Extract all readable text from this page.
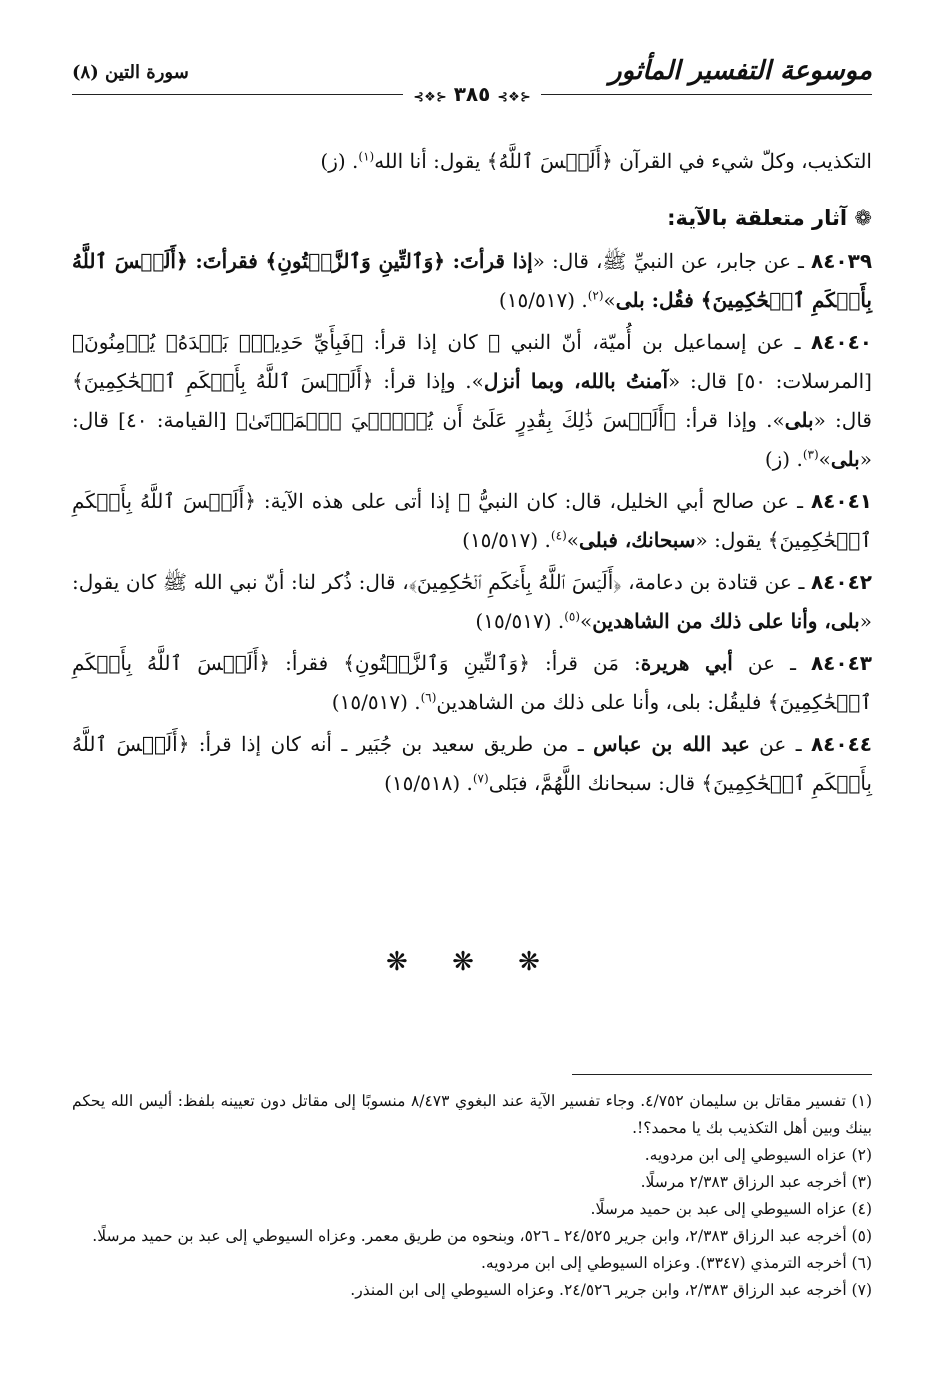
موسوعة التفسير المأثور
سورة التين (٨)
⊰❖⊱ ٣٨٥ ⊰❖⊱

التكذيب، وكلّ شيء في القرآن ﴿أَلَيۡسَ ٱللَّهُ﴾ يقول: أنا الله$^{(١)}$. (ز)

❁ آثار متعلقة بالآية:

٨٤٠٣٩ ـ عن جابر، عن النبيِّ ﷺ، قال: «إذا قرأتَ: ﴿وَٱلتِّينِ وَٱلزَّيۡتُونِ﴾ فقرأتَ: ﴿أَلَيۡسَ ٱللَّهُ بِأَحۡكَمِ ٱلۡحَٰكِمِينَ﴾ فقُل: بلى»$^{(٢)}$. (١٥/٥١٧)

٨٤٠٤٠ ـ عن إسماعيل بن أُميّة، أنّ النبي ﷺ كان إذا قرأ: ﴿فَبِأَيِّ حَدِيثِۭ بَعۡدَهُۥ يُؤۡمِنُونَ﴾ [المرسلات: ٥٠] قال: «آمنتُ بالله، وبما أنزل». وإذا قرأ: ﴿أَلَيۡسَ ٱللَّهُ بِأَحۡكَمِ ٱلۡحَٰكِمِينَ﴾ قال: «بلى». وإذا قرأ: ﴿أَلَيۡسَ ذَٰلِكَ بِقَٰدِرٍ عَلَىٰٓ أَن يُحۡـِۧيَ ٱلۡمَوۡتَىٰ﴾ [القيامة: ٤٠] قال: «بلى»$^{(٣)}$. (ز)

٨٤٠٤١ ـ عن صالح أبي الخليل، قال: كان النبيُّ ﷺ إذا أتى على هذه الآية: ﴿أَلَيۡسَ ٱللَّهُ بِأَحۡكَمِ ٱلۡحَٰكِمِينَ﴾ يقول: «سبحانك، فبلى»$^{(٤)}$. (١٥/٥١٧)

٨٤٠٤٢ ـ عن قتادة بن دعامة، ﴿أَلَيۡسَ ٱللَّهُ بِأَحۡكَمِ ٱلۡحَٰكِمِينَ﴾، قال: ذُكر لنا: أنّ نبي الله ﷺ كان يقول: «بلى، وأنا على ذلك من الشاهدين»$^{(٥)}$. (١٥/٥١٧)

٨٤٠٤٣ ـ عن أبي هريرة: مَن قرأ: ﴿وَٱلتِّينِ وَٱلزَّيۡتُونِ﴾ فقرأ: ﴿أَلَيۡسَ ٱللَّهُ بِأَحۡكَمِ ٱلۡحَٰكِمِينَ﴾ فليقُل: بلى، وأنا على ذلك من الشاهدين$^{(٦)}$. (١٥/٥١٧)

٨٤٠٤٤ ـ عن عبد الله بن عباس ـ من طريق سعيد بن جُبَير ـ أنه كان إذا قرأ: ﴿أَلَيۡسَ ٱللَّهُ بِأَحۡكَمِ ٱلۡحَٰكِمِينَ﴾ قال: سبحانك اللَّهُمَّ، فبَلى$^{(٧)}$. (١٥/٥١٨)

❋ ❋ ❋

(١) تفسير مقاتل بن سليمان ٤/٧٥٢. وجاء تفسير الآية عند البغوي ٨/٤٧٣ منسوبًا إلى مقاتل دون تعيينه بلفظ: أليس الله يحكم بينك وبين أهل التكذيب بك يا محمد؟!.

(٢) عزاه السيوطي إلى ابن مردويه.

(٣) أخرجه عبد الرزاق ٢/٣٨٣ مرسلًا.

(٤) عزاه السيوطي إلى عبد بن حميد مرسلًا.

(٥) أخرجه عبد الرزاق ٢/٣٨٣، وابن جرير ٢٤/٥٢٥ ـ ٥٢٦، وبنحوه من طريق معمر. وعزاه السيوطي إلى عبد بن حميد مرسلًا.

(٦) أخرجه الترمذي (٣٣٤٧). وعزاه السيوطي إلى ابن مردويه.

(٧) أخرجه عبد الرزاق ٢/٣٨٣، وابن جرير ٢٤/٥٢٦. وعزاه السيوطي إلى ابن المنذر.
